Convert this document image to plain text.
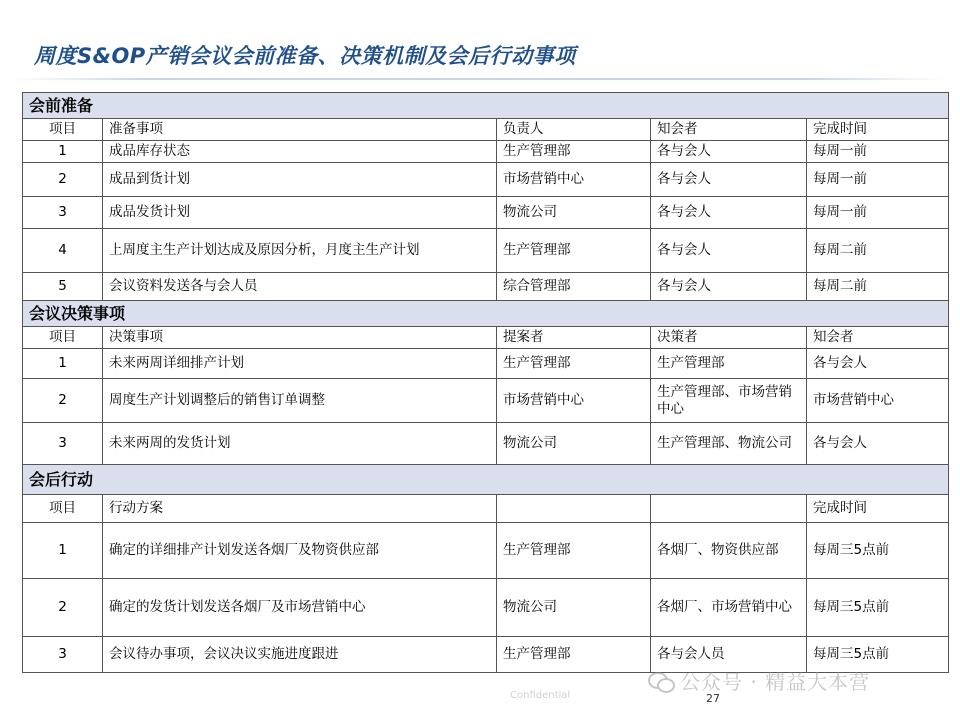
周度S&OP产销会议会前准备、决策机制及会后行动事项
会前准备				
项目	准备事项	负责人	知会者	完成时间
1	成品库存状态	生产管理部	各与会人	每周一前
2	成品到货计划	市场营销中心	各与会人	每周一前
3	成品发货计划	物流公司	各与会人	每周一前
4	上周度主生产计划达成及原因分析，月度主生产计划	生产管理部	各与会人	每周二前
5	会议资料发送各与会人员	综合管理部	各与会人	每周二前
会议决策事项				
项目	决策事项	提案者	决策者	知会者
1	未来两周详细排产计划	生产管理部	生产管理部	各与会人
2	周度生产计划调整后的销售订单调整	市场营销中心	生产管理部、市场营销中心	市场营销中心
3	未来两周的发货计划	物流公司	生产管理部、物流公司	各与会人
会后行动				
项目	行动方案			完成时间
1	确定的详细排产计划发送各烟厂及物资供应部	生产管理部	各烟厂、物资供应部	每周三5点前
2	确定的发货计划发送各烟厂及市场营销中心	物流公司	各烟厂、市场营销中心	每周三5点前
3	会议待办事项，会议决议实施进度跟进	生产管理部	各与会人员	每周三5点前
Confidential	27
公众号 · 精益大本营
